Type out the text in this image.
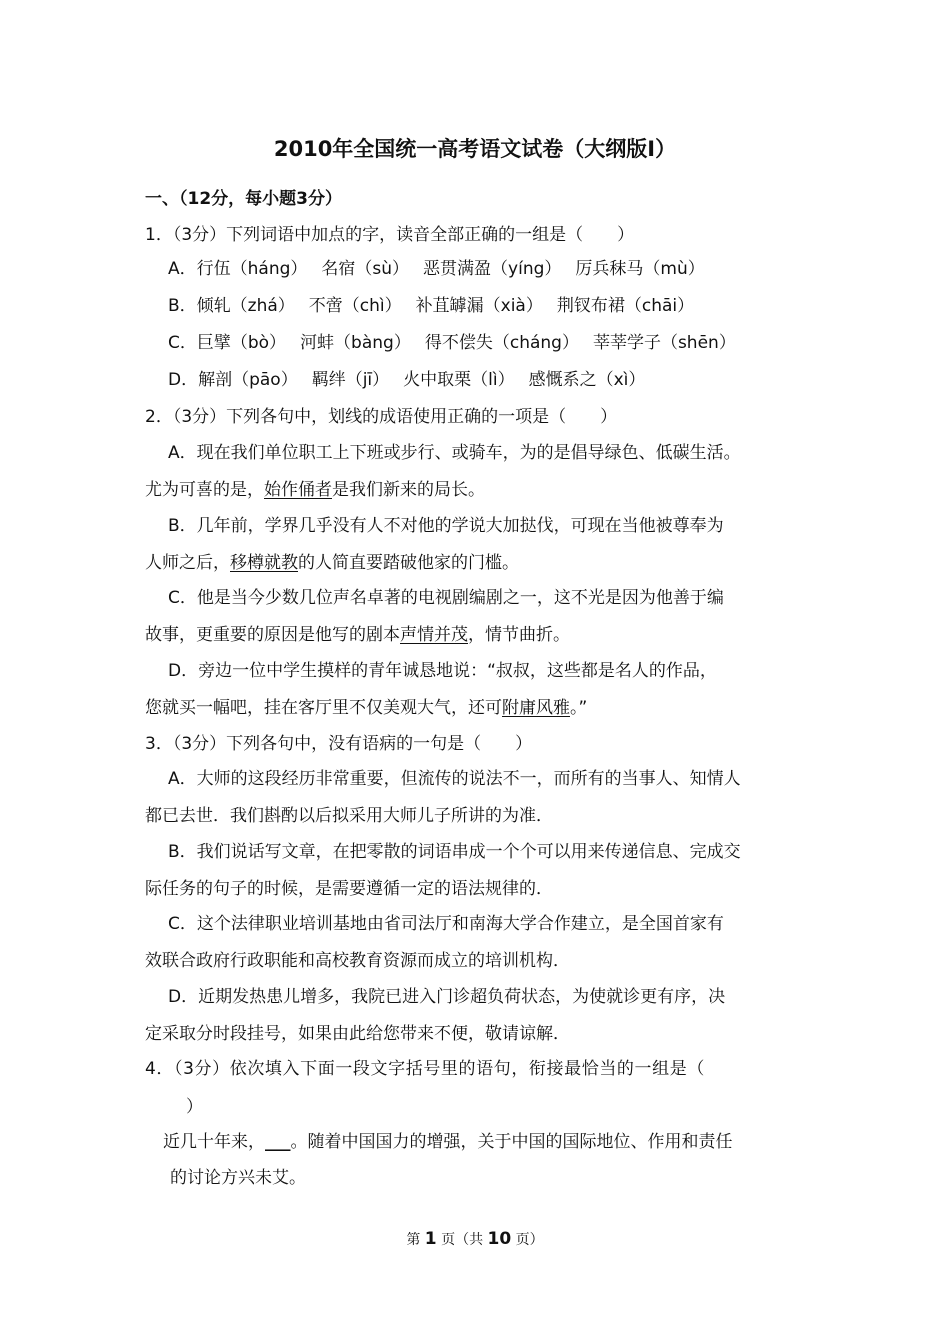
2010年全国统一高考语文试卷（大纲版Ⅰ）
一、（12分，每小题3分）
1．（3分）下列词语中加点的字，读音全部正确的一组是（　　）
A．行伍（háng） 名宿（sù） 恶贯满盈（yíng） 厉兵秣马（mù）
B．倾轧（zhá） 不啻（chì） 补苴罅漏（xià） 荆钗布裙（chāi）
C．巨擘（bò） 河蚌（bàng） 得不偿失（cháng） 莘莘学子（shēn）
D．解剖（pāo） 羁绊（jī） 火中取栗（lì） 感慨系之（xì）
2．（3分）下列各句中，划线的成语使用正确的一项是（　　）
A．现在我们单位职工上下班或步行、或骑车，为的是倡导绿色、低碳生活。
尤为可喜的是，始作俑者是我们新来的局长。
B．几年前，学界几乎没有人不对他的学说大加挞伐，可现在当他被尊奉为
人师之后，移樽就教的人简直要踏破他家的门槛。
C．他是当今少数几位声名卓著的电视剧编剧之一，这不光是因为他善于编
故事，更重要的原因是他写的剧本声情并茂，情节曲折。
D．旁边一位中学生摸样的青年诚恳地说：“叔叔，这些都是名人的作品，
您就买一幅吧，挂在客厅里不仅美观大气，还可附庸风雅。”
3．（3分）下列各句中，没有语病的一句是（　　）
A．大师的这段经历非常重要，但流传的说法不一，而所有的当事人、知情人
都已去世．我们斟酌以后拟采用大师儿子所讲的为准．
B．我们说话写文章，在把零散的词语串成一个个可以用来传递信息、完成交
际任务的句子的时候，是需要遵循一定的语法规律的．
C．这个法律职业培训基地由省司法厅和南海大学合作建立，是全国首家有
效联合政府行政职能和高校教育资源而成立的培训机构．
D．近期发热患儿增多，我院已进入门诊超负荷状态，为使就诊更有序，决
定采取分时段挂号，如果由此给您带来不便，敬请谅解．
4．（3分）依次填入下面一段文字括号里的语句，衔接最恰当的一组是（
）
近几十年来，___。随着中国国力的增强，关于中国的国际地位、作用和责任
的讨论方兴未艾。
第 1 页（共 10 页）
